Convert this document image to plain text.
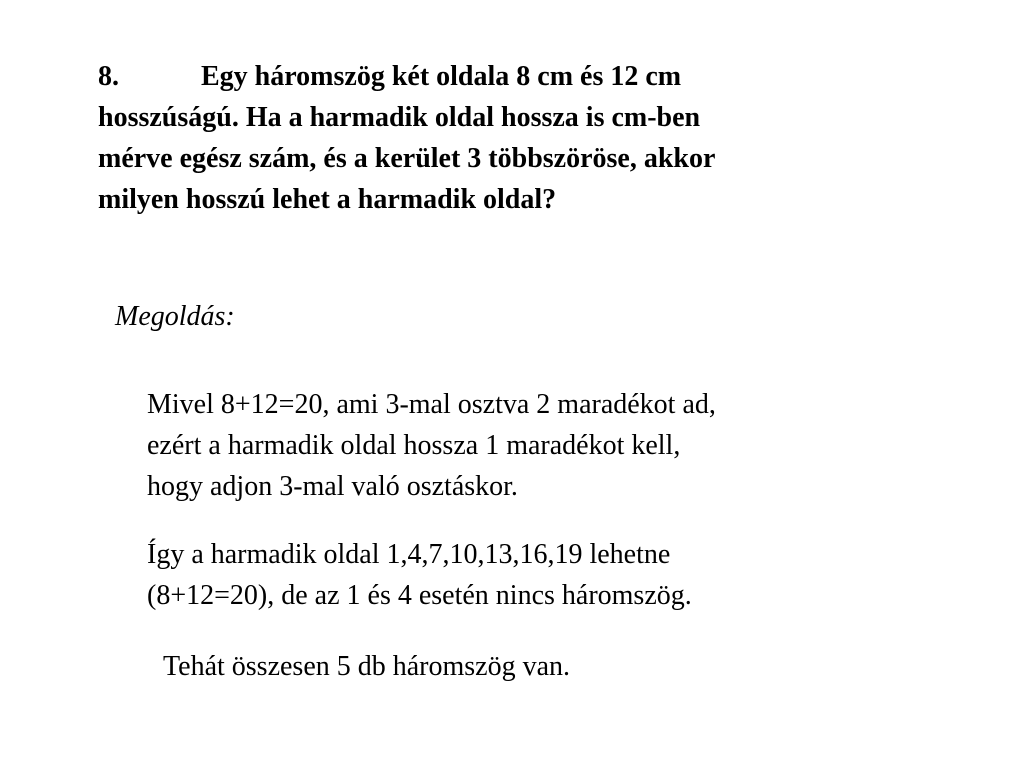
8.	Egy háromszög két oldala 8 cm és 12 cm
hosszúságú. Ha a harmadik oldal hossza is cm-ben
mérve egész szám, és a kerület 3 többszöröse, akkor
milyen hosszú lehet a harmadik oldal?
Megoldás:
Mivel 8+12=20, ami 3-mal osztva 2 maradékot ad,
ezért a harmadik oldal hossza 1 maradékot kell,
hogy adjon 3-mal való osztáskor.
Így a harmadik oldal 1,4,7,10,13,16,19 lehetne
(8+12=20), de az 1 és 4 esetén nincs háromszög.
Tehát összesen 5 db háromszög van.
